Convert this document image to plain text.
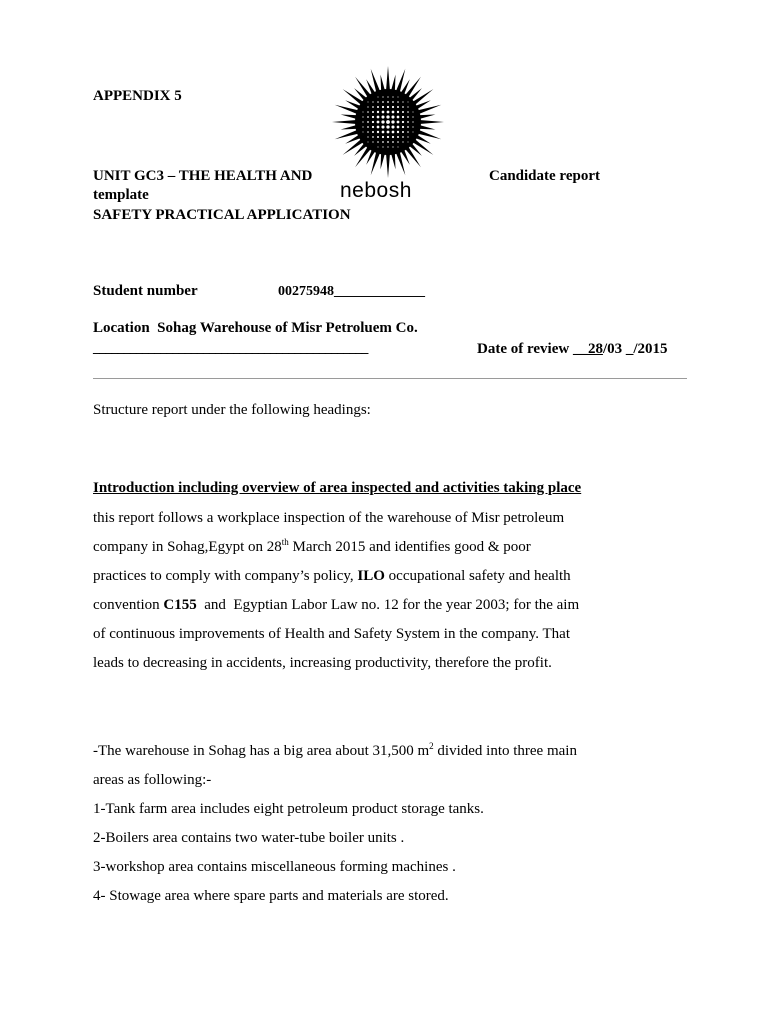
APPENDIX 5
nebosh
UNIT GC3 – THE HEALTH AND	Candidate report
template
SAFETY PRACTICAL APPLICATION
Student number	00275948_____________
Location Sohag Warehouse of Misr Petroluem Co.
_____________________________________________	Date of review __28/03 _/2015
Structure report under the following headings:
Introduction including overview of area inspected and activities taking place
this report follows a workplace inspection of the warehouse of Misr petroleum
company in Sohag,Egypt on 28th March 2015 and identifies good & poor
practices to comply with company’s policy, ILO occupational safety and health
convention C155  and  Egyptian Labor Law no. 12 for the year 2003; for the aim
of continuous improvements of Health and Safety System in the company. That
leads to decreasing in accidents, increasing productivity, therefore the profit.
-The warehouse in Sohag has a big area about 31,500 $m^2$ divided into three main
areas as following:-
1-Tank farm area includes eight petroleum product storage tanks.
2-Boilers area contains two water-tube boiler units .
3-workshop area contains miscellaneous forming machines .
4- Stowage area where spare parts and materials are stored.
